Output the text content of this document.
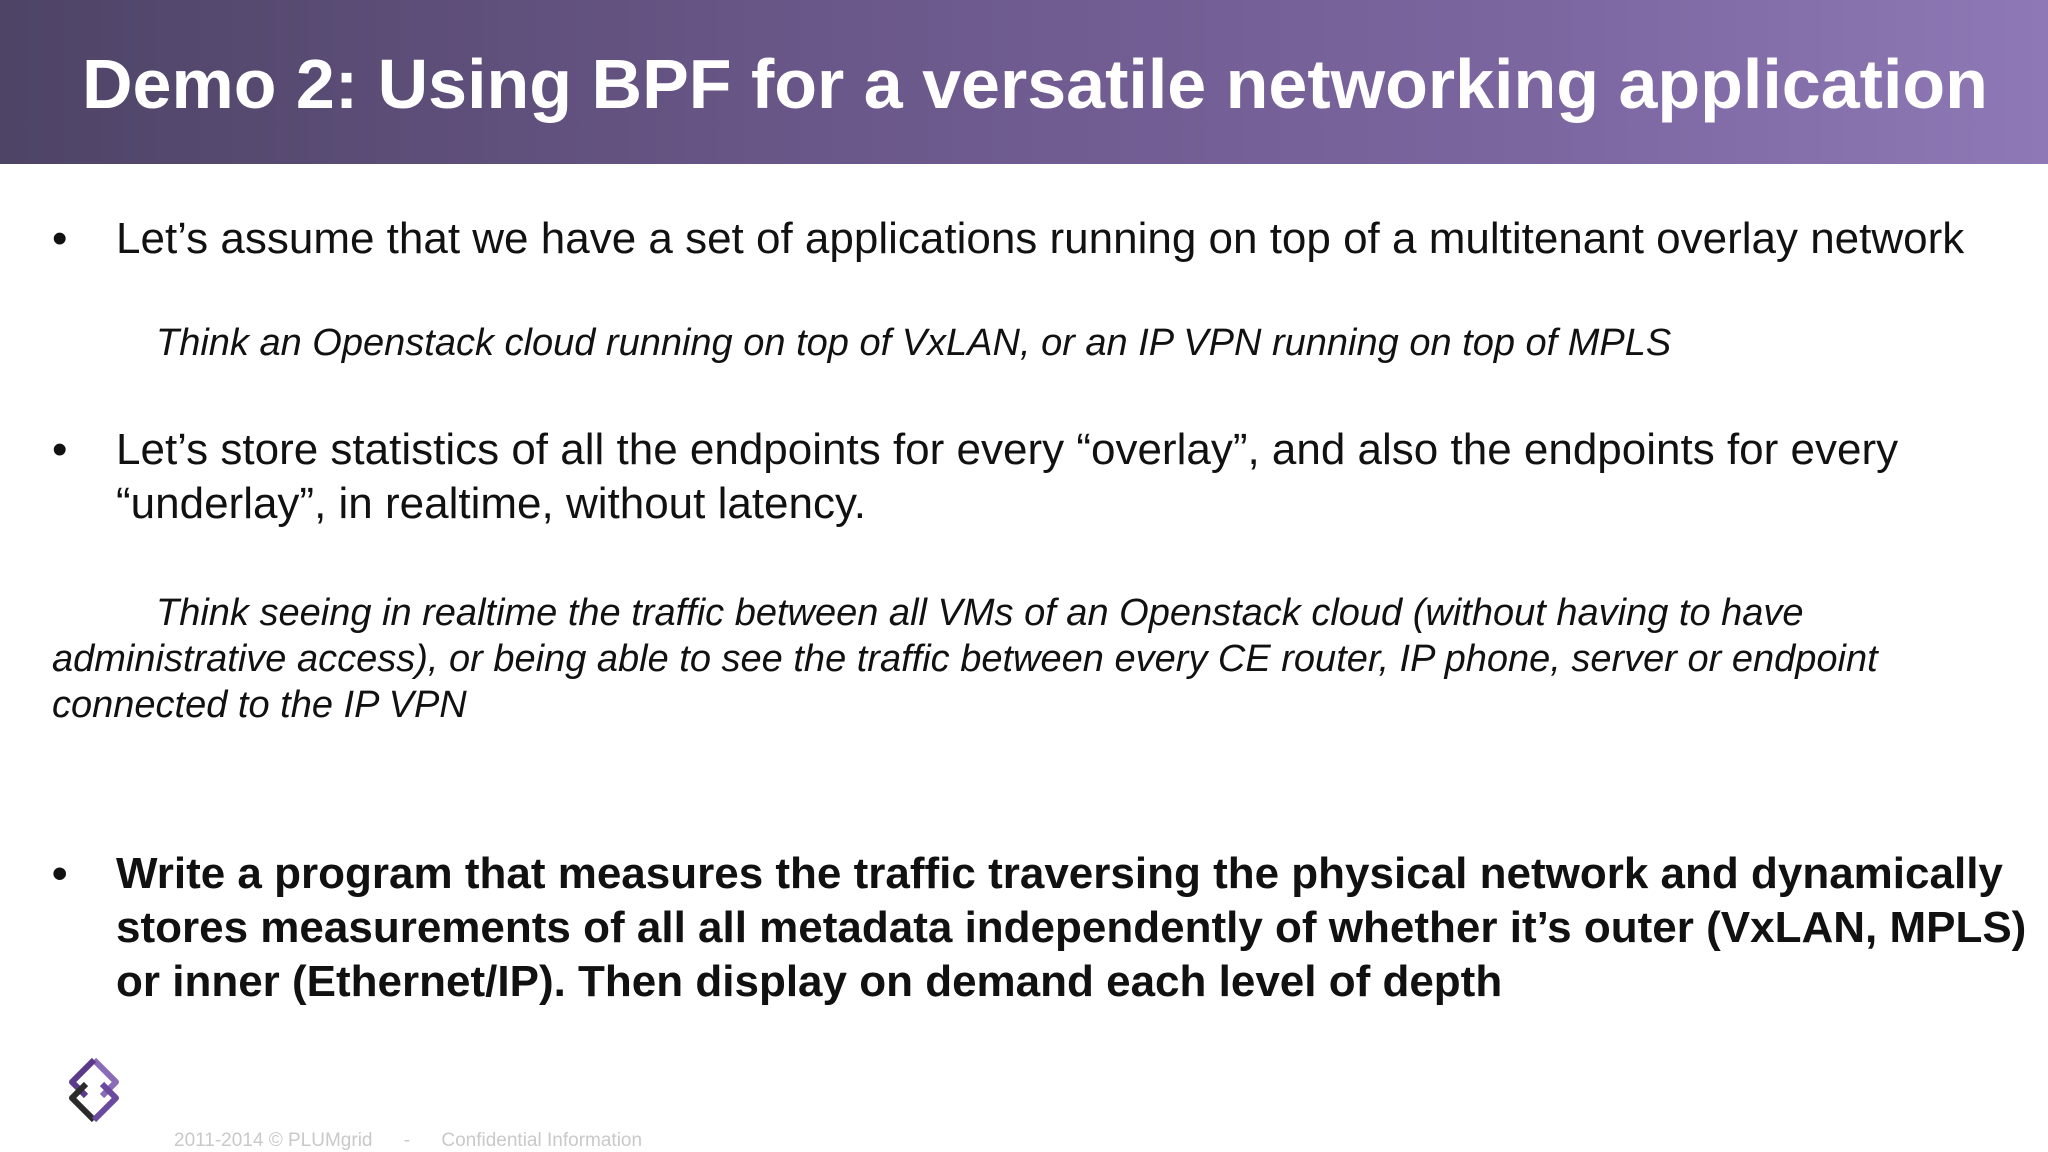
Demo 2: Using BPF for a versatile networking application
•	Let’s assume that we have a set of applications running on top of a multitenant overlay network
Think an Openstack cloud running on top of VxLAN, or an IP VPN running on top of MPLS
•	Let’s store statistics of all the endpoints for every “overlay”, and also the endpoints for every “underlay”, in realtime, without latency.
Think seeing in realtime the traffic between all VMs of an Openstack cloud (without having to have administrative access), or being able to see the traffic between every CE router, IP phone, server or endpoint connected to the IP VPN
•	Write a program that measures the traffic traversing the physical network and dynamically stores measurements of all all metadata independently of whether it’s outer (VxLAN, MPLS) or inner (Ethernet/IP). Then display on demand each level of depth
2011-2014 © PLUMgrid - Confidential Information
